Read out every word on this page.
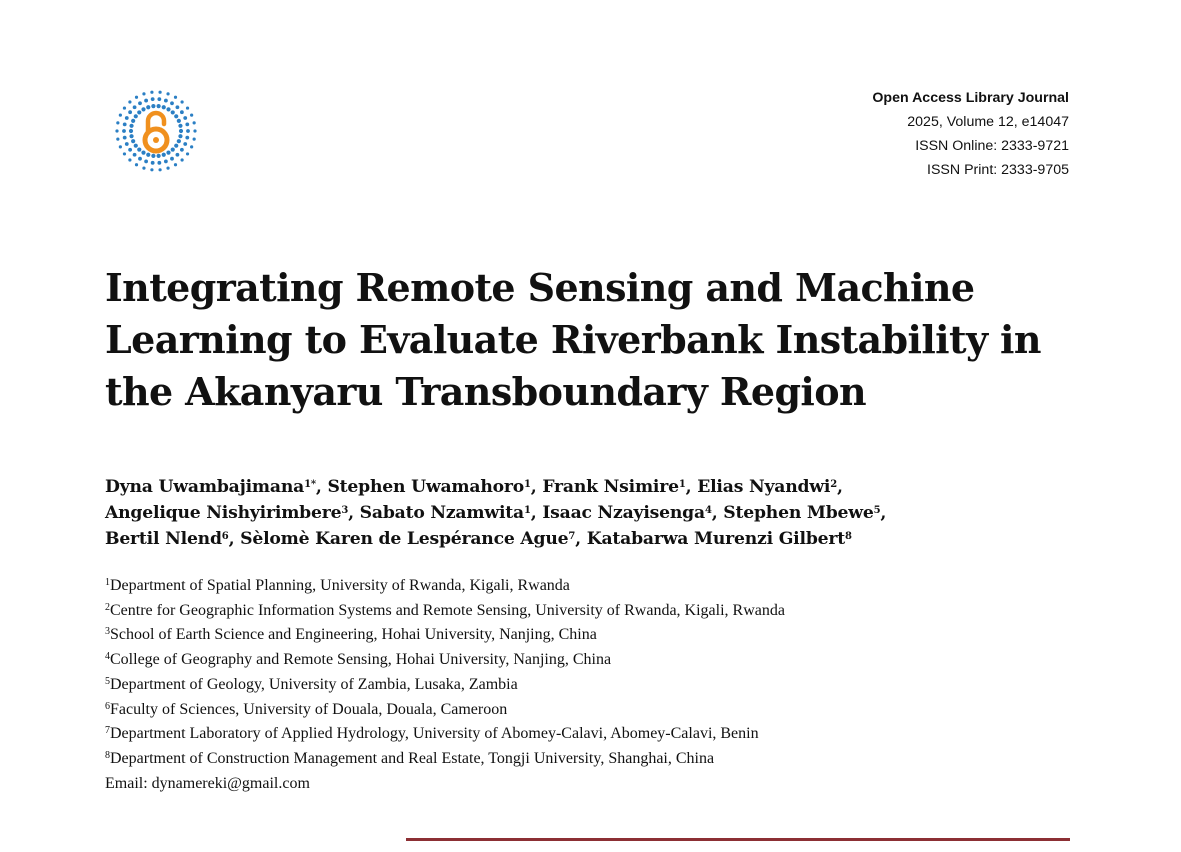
Open Access Library Journal
2025, Volume 12, e14047
ISSN Online: 2333-9721
ISSN Print: 2333-9705
Integrating Remote Sensing and Machine
Learning to Evaluate Riverbank Instability in
the Akanyaru Transboundary Region
Dyna Uwambajimana$^{1*}$, Stephen Uwamahoro$^1$, Frank Nsimire$^1$, Elias Nyandwi$^2$,
Angelique Nishyirimbere$^3$, Sabato Nzamwita$^1$, Isaac Nzayisenga$^4$, Stephen Mbewe$^5$,
Bertil Nlend$^6$, Sèlomè Karen de Lespérance Ague$^7$, Katabarwa Murenzi Gilbert$^8$
$^1$Department of Spatial Planning, University of Rwanda, Kigali, Rwanda
$^2$Centre for Geographic Information Systems and Remote Sensing, University of Rwanda, Kigali, Rwanda
$^3$School of Earth Science and Engineering, Hohai University, Nanjing, China
$^4$College of Geography and Remote Sensing, Hohai University, Nanjing, China
$^5$Department of Geology, University of Zambia, Lusaka, Zambia
$^6$Faculty of Sciences, University of Douala, Douala, Cameroon
$^7$Department Laboratory of Applied Hydrology, University of Abomey-Calavi, Abomey-Calavi, Benin
$^8$Department of Construction Management and Real Estate, Tongji University, Shanghai, China
Email: dynamereki@gmail.com
